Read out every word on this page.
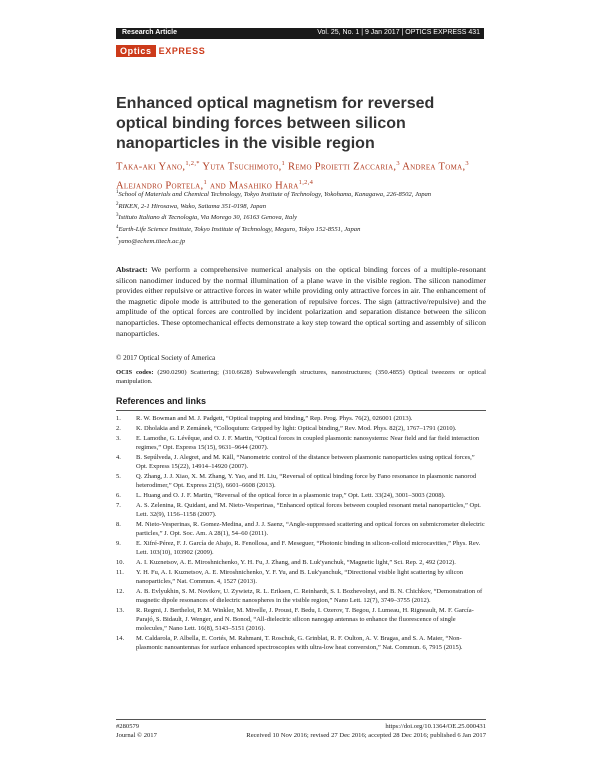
Research Article	Vol. 25, No. 1 | 9 Jan 2017 | OPTICS EXPRESS 431
Optics EXPRESS
Enhanced optical magnetism for reversed optical binding forces between silicon nanoparticles in the visible region
Taka-aki Yano,$^{1,2,*}$ Yuta Tsuchimoto,$^1$ Remo Proietti Zaccaria,$^3$ Andrea Toma,$^3$ Alejandro Portela,$^1$ and Masahiko Hara$^{1,2,4}$
$^1$School of Materials and Chemical Technology, Tokyo Institute of Technology, Yokohama, Kanagawa, 226-8502, Japan
$^2$RIKEN, 2-1 Hirosawa, Wako, Saitama 351-0198, Japan
$^3$Istituto Italiano di Tecnologia, Via Morego 30, 16163 Genova, Italy
$^4$Earth-Life Science Institute, Tokyo Institute of Technology, Meguro, Tokyo 152-8551, Japan
*yano@echem.titech.ac.jp

Abstract: We perform a comprehensive numerical analysis on the optical binding forces of a multiple-resonant silicon nanodimer induced by the normal illumination of a plane wave in the visible region. The silicon nanodimer provides either repulsive or attractive forces in water while providing only attractive forces in air. The enhancement of the magnetic dipole mode is attributed to the generation of repulsive forces. The sign (attractive/repulsive) and the amplitude of the optical forces are controlled by incident polarization and separation distance between the silicon nanoparticles. These optomechanical effects demonstrate a key step toward the optical sorting and assembly of silicon nanoparticles.

© 2017 Optical Society of America

OCIS codes: (290.0290) Scattering; (310.6628) Subwavelength structures, nanostructures; (350.4855) Optical tweezers or optical manipulation.

References and links
1.	R. W. Bowman and M. J. Padgett, “Optical trapping and binding,” Rep. Prog. Phys. 76(2), 026001 (2013).
2.	K. Dholakia and P. Zemánek, “Colloquium: Gripped by light: Optical binding,” Rev. Mod. Phys. 82(2), 1767–1791 (2010).
3.	E. Lamothe, G. Lévêque, and O. J. F. Martin, “Optical forces in coupled plasmonic nanosystems: Near field and far field interaction regimes,” Opt. Express 15(15), 9631–9644 (2007).
4.	B. Sepúlveda, J. Alegret, and M. Käll, “Nanometric control of the distance between plasmonic nanoparticles using optical forces,” Opt. Express 15(22), 14914–14920 (2007).
5.	Q. Zhang, J. J. Xiao, X. M. Zhang, Y. Yao, and H. Liu, “Reversal of optical binding force by Fano resonance in plasmonic nanorod heterodimer,” Opt. Express 21(5), 6601–6608 (2013).
6.	L. Huang and O. J. F. Martin, “Reversal of the optical force in a plasmonic trap,” Opt. Lett. 33(24), 3001–3003 (2008).
7.	A. S. Zelenina, R. Quidant, and M. Nieto-Vesperinas, “Enhanced optical forces between coupled resonant metal nanoparticles,” Opt. Lett. 32(9), 1156–1158 (2007).
8.	M. Nieto-Vesperinas, R. Gomez-Medina, and J. J. Saenz, “Angle-suppressed scattering and optical forces on submicrometer dielectric particles,” J. Opt. Soc. Am. A 28(1), 54–60 (2011).
9.	E. Xifré-Pérez, F. J. García de Abajo, R. Fenollosa, and F. Meseguer, “Photonic binding in silicon-colloid microcavities,” Phys. Rev. Lett. 103(10), 103902 (2009).
10.	A. I. Kuznetsov, A. E. Miroshnichenko, Y. H. Fu, J. Zhang, and B. Luk'yanchuk, “Magnetic light,” Sci. Rep. 2, 492 (2012).
11.	Y. H. Fu, A. I. Kuznetsov, A. E. Miroshnichenko, Y. F. Yu, and B. Luk'yanchuk, “Directional visible light scattering by silicon nanoparticles,” Nat. Commun. 4, 1527 (2013).
12.	A. B. Evlyukhin, S. M. Novikov, U. Zywietz, R. L. Eriksen, C. Reinhardt, S. I. Bozhevolnyi, and B. N. Chichkov, “Demonstration of magnetic dipole resonances of dielectric nanospheres in the visible region,” Nano Lett. 12(7), 3749–3755 (2012).
13.	R. Regmi, J. Berthelot, P. M. Winkler, M. Mivelle, J. Proust, F. Bedu, I. Ozerov, T. Begou, J. Lumeau, H. Rigneault, M. F. García-Parajó, S. Bidault, J. Wenger, and N. Bonod, “All-dielectric silicon nanogap antennas to enhance the fluorescence of single molecules,” Nano Lett. 16(8), 5143–5151 (2016).
14.	M. Caldarola, P. Albella, E. Cortés, M. Rahmani, T. Roschuk, G. Grinblat, R. F. Oulton, A. V. Bragas, and S. A. Maier, “Non-plasmonic nanoantennas for surface enhanced spectroscopies with ultra-low heat conversion,” Nat. Commun. 6, 7915 (2015).
#280579
Journal © 2017
https://doi.org/10.1364/OE.25.000431
Received 10 Nov 2016; revised 27 Dec 2016; accepted 28 Dec 2016; published 6 Jan 2017
